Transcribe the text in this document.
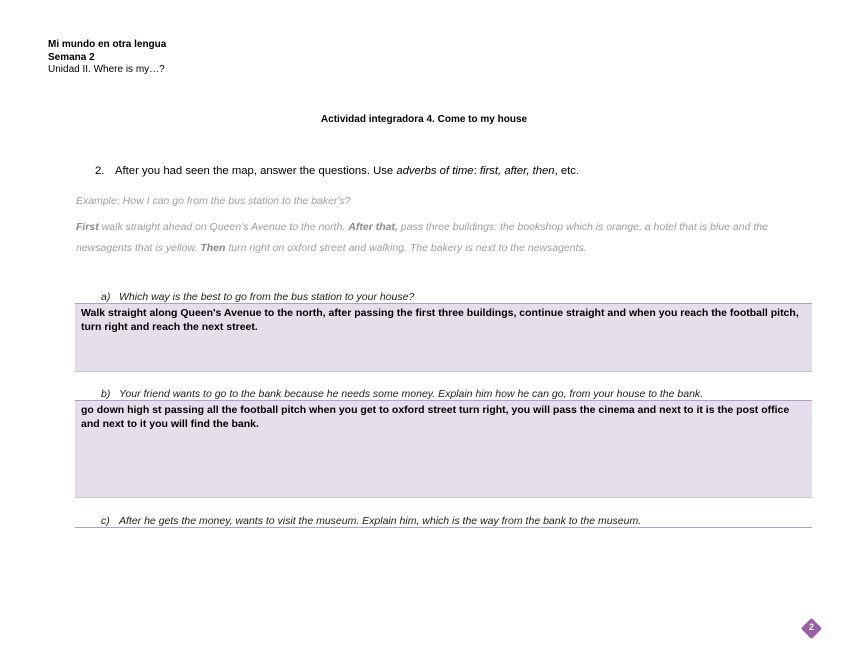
Mi mundo en otra lengua
Semana 2
Unidad II. Where is my…?
Actividad integradora 4. Come to my house
2. After you had seen the map, answer the questions. Use adverbs of time: first, after, then, etc.
Example: How I can go from the bus station to the baker's?
First walk straight ahead on Queen's Avenue to the north. After that, pass three buildings: the bookshop which is orange, a hotel that is blue and the newsagents that is yellow. Then turn right on oxford street and walking. The bakery is next to the newsagents.
a) Which way is the best to go from the bus station to your house?
Walk straight along Queen's Avenue to the north, after passing the first three buildings, continue straight and when you reach the football pitch, turn right and reach the next street.
b) Your friend wants to go to the bank because he needs some money. Explain him how he can go, from your house to the bank.
go down high st passing all the football pitch when you get to oxford street turn right, you will pass the cinema and next to it is the post office and next to it you will find the bank.
c) After he gets the money, wants to visit the museum. Explain him, which is the way from the bank to the museum.
2
